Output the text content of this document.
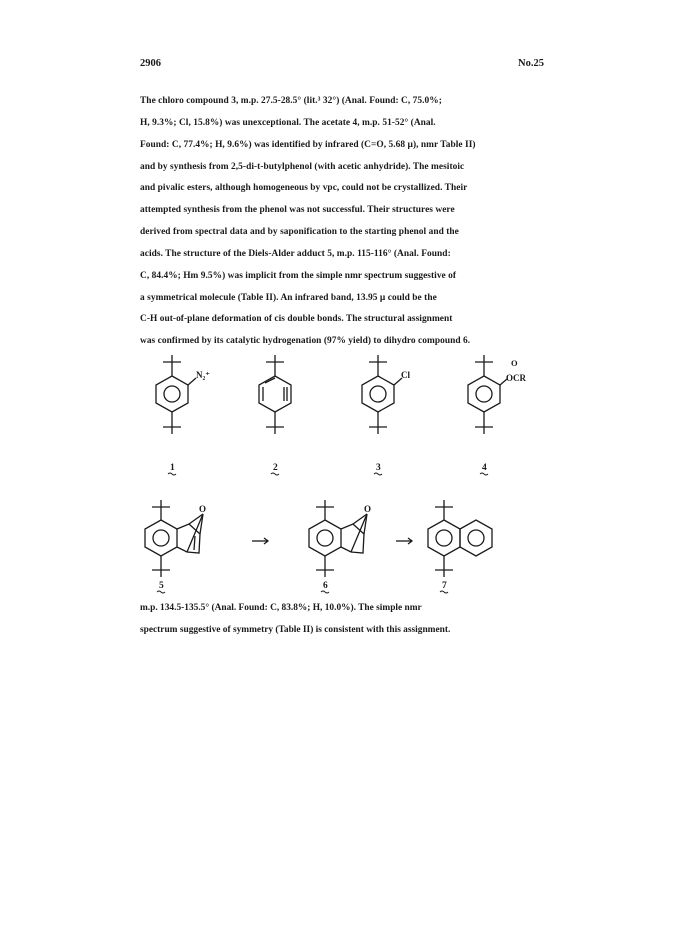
2906	No.25
The chloro compound 3, m.p. 27.5-28.5° (lit.³ 32°) (Anal. Found: C, 75.0%;
H, 9.3%; Cl, 15.8%) was unexceptional. The acetate 4, m.p. 51-52° (Anal.
Found: C, 77.4%; H, 9.6%) was identified by infrared (C=O, 5.68 µ), nmr Table II)
and by synthesis from 2,5-di-t-butylphenol (with acetic anhydride). The mesitoic
and pivalic esters, although homogeneous by vpc, could not be crystallized. Their
attempted synthesis from the phenol was not successful. Their structures were
derived from spectral data and by saponification to the starting phenol and the
acids. The structure of the Diels-Alder adduct 5, m.p. 115-116° (Anal. Found:
C, 84.4%; Hm 9.5%) was implicit from the simple nmr spectrum suggestive of
a symmetrical molecule (Table II). An infrared band, 13.95 µ could be the
C-H out-of-plane deformation of cis double bonds. The structural assignment
was confirmed by its catalytic hydrogenation (97% yield) to dihydro compound 6.
N₂⁺	Cl
O
OCR
O	O
1	2	3	4
5	6	7
m.p. 134.5-135.5° (Anal. Found: C, 83.8%; H, 10.0%). The simple nmr
spectrum suggestive of symmetry (Table II) is consistent with this assignment.
